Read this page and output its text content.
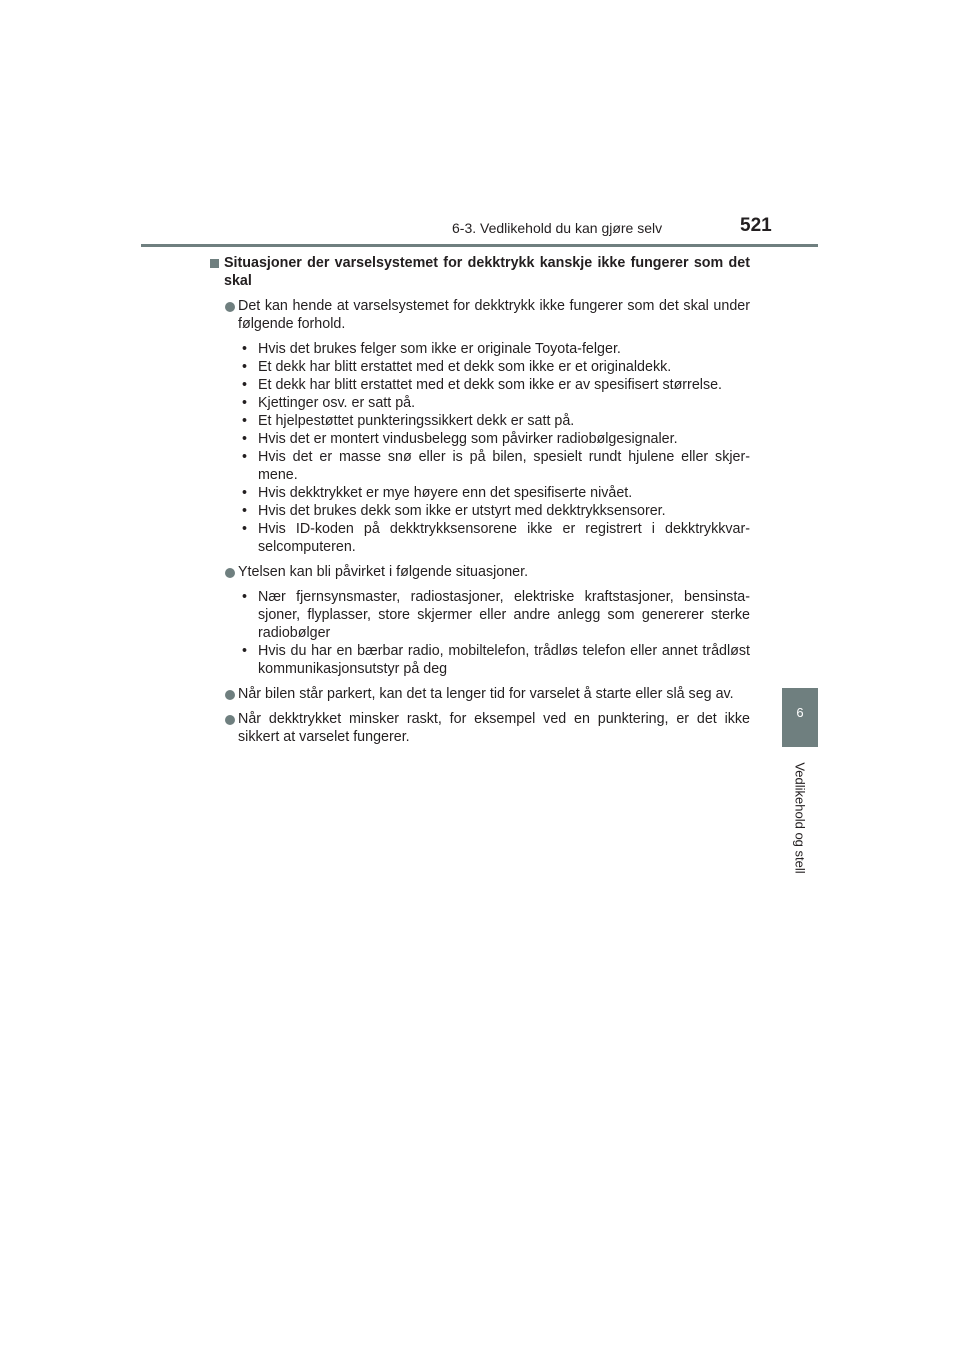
6-3. Vedlikehold du kan gjøre selv	521
6
Vedlikehold og stell
Situasjoner der varselsystemet for dekktrykk kanskje ikke fungerer som det skal
Det kan hende at varselsystemet for dekktrykk ikke fungerer som det skal under følgende forhold.
• Hvis det brukes felger som ikke er originale Toyota-felger.
• Et dekk har blitt erstattet med et dekk som ikke er et originaldekk.
• Et dekk har blitt erstattet med et dekk som ikke er av spesifisert størrelse.
• Kjettinger osv. er satt på.
• Et hjelpestøttet punkteringssikkert dekk er satt på.
• Hvis det er montert vindusbelegg som påvirker radiobølgesignaler.
• Hvis det er masse snø eller is på bilen, spesielt rundt hjulene eller skjer-mene.
• Hvis dekktrykket er mye høyere enn det spesifiserte nivået.
• Hvis det brukes dekk som ikke er utstyrt med dekktrykksensorer.
• Hvis ID-koden på dekktrykksensorene ikke er registrert i dekktrykkvar-selcomputeren.
Ytelsen kan bli påvirket i følgende situasjoner.
• Nær fjernsynsmaster, radiostasjoner, elektriske kraftstasjoner, bensinsta-sjoner, flyplasser, store skjermer eller andre anlegg som genererer sterke radiobølger
• Hvis du har en bærbar radio, mobiltelefon, trådløs telefon eller annet trådløst kommunikasjonsutstyr på deg
Når bilen står parkert, kan det ta lenger tid for varselet å starte eller slå seg av.
Når dekktrykket minsker raskt, for eksempel ved en punktering, er det ikke sikkert at varselet fungerer.
